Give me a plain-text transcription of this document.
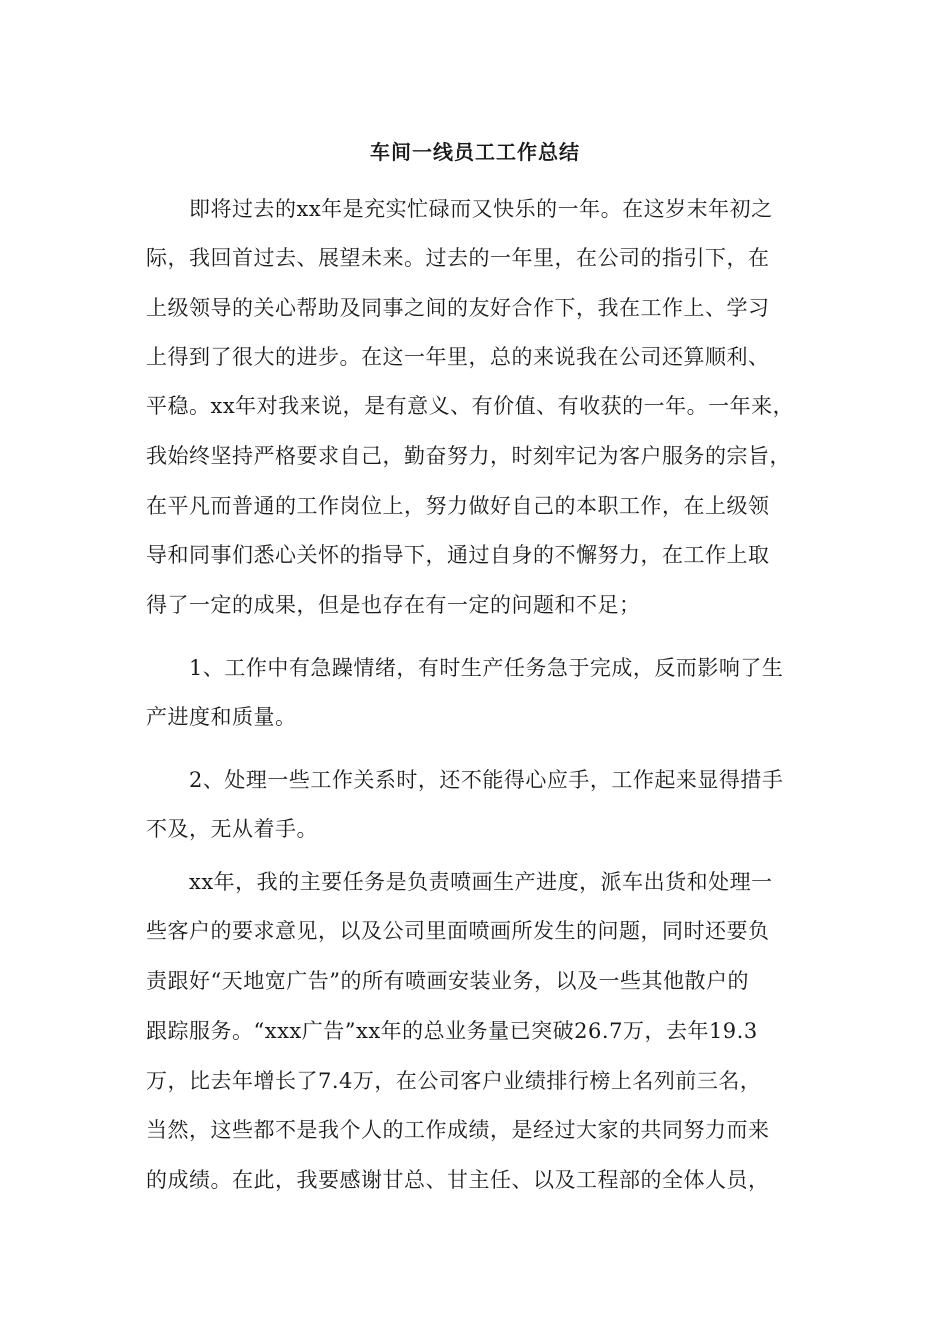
车间一线员工工作总结
即将过去的xx年是充实忙碌而又快乐的一年。在这岁末年初之
际，我回首过去、展望未来。过去的一年里，在公司的指引下，在
上级领导的关心帮助及同事之间的友好合作下，我在工作上、学习
上得到了很大的进步。在这一年里，总的来说我在公司还算顺利、
平稳。xx年对我来说，是有意义、有价值、有收获的一年。一年来，
我始终坚持严格要求自己，勤奋努力，时刻牢记为客户服务的宗旨，
在平凡而普通的工作岗位上，努力做好自己的本职工作，在上级领
导和同事们悉心关怀的指导下，通过自身的不懈努力，在工作上取
得了一定的成果，但是也存在有一定的问题和不足；
1、工作中有急躁情绪，有时生产任务急于完成，反而影响了生
产进度和质量。
2、处理一些工作关系时，还不能得心应手，工作起来显得措手
不及，无从着手。
xx年，我的主要任务是负责喷画生产进度，派车出货和处理一
些客户的要求意见，以及公司里面喷画所发生的问题，同时还要负
责跟好“天地宽广告”的所有喷画安装业务，以及一些其他散户的
跟踪服务。“xxx广告”xx年的总业务量已突破26.7万，去年19.3
万，比去年增长了7.4万，在公司客户业绩排行榜上名列前三名，
当然，这些都不是我个人的工作成绩，是经过大家的共同努力而来
的成绩。在此，我要感谢甘总、甘主任、以及工程部的全体人员，
